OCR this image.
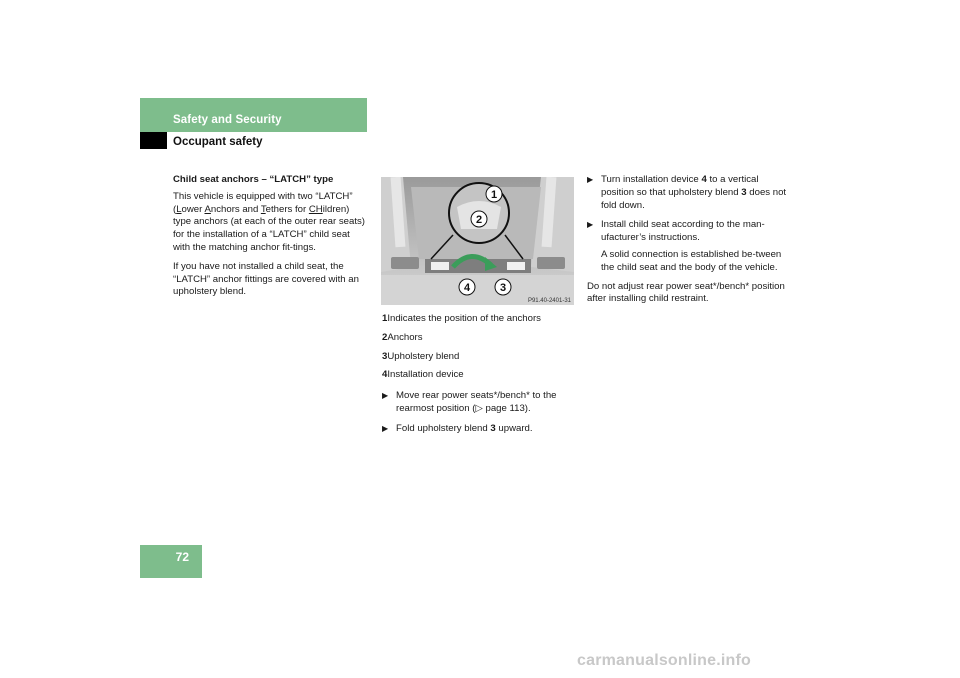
Safety and Security
Occupant safety

Child seat anchors – “LATCH” type

This vehicle is equipped with two “LATCH” (Lower Anchors and Tethers for CHildren) type anchors (at each of the outer rear seats) for the installation of a “LATCH” child seat with the matching anchor fit-tings.

If you have not installed a child seat, the “LATCH” anchor fittings are covered with an upholstery blend.

1
2
3
4
P91.40-2401-31

1Indicates the position of the anchors

2Anchors

3Upholstery blend

4Installation device

▶ Move rear power seats*/bench* to the rearmost position (▷ page 113).

▶ Fold upholstery blend 3 upward.

▶ Turn installation device 4 to a vertical position so that upholstery blend 3 does not fold down.

▶ Install child seat according to the man-ufacturer’s instructions.

A solid connection is established be-tween the child seat and the body of the vehicle.

Do not adjust rear power seat*/bench* position after installing child restraint.

72
carmanualsonline.info
